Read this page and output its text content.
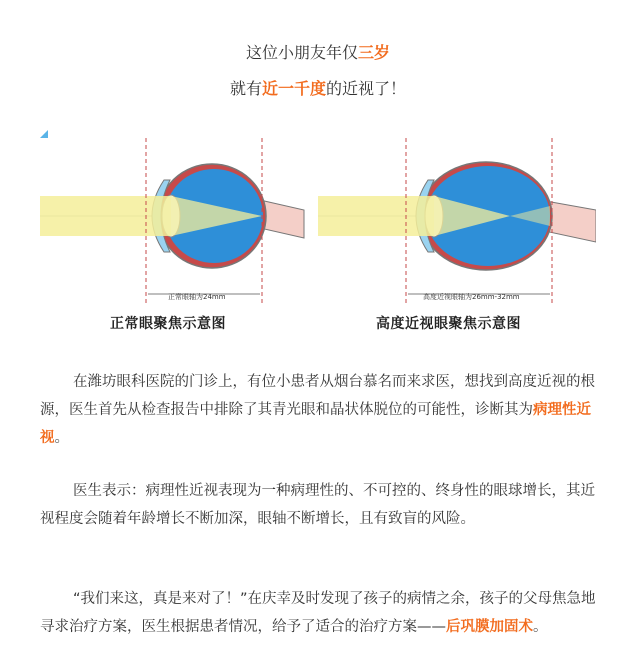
这位小朋友年仅三岁
就有近一千度的近视了！
正常眼轴为24mm	高度近视眼轴为26mm-32mm
正常眼聚焦示意图	高度近视眼聚焦示意图
在潍坊眼科医院的门诊上，有位小患者从烟台慕名而来求医，想找到高度近视的根源，医生首先从检查报告中排除了其青光眼和晶状体脱位的可能性，诊断其为病理性近视。
医生表示：病理性近视表现为一种病理性的、不可控的、终身性的眼球增长，其近视程度会随着年龄增长不断加深，眼轴不断增长，且有致盲的风险。
“我们来这，真是来对了！”在庆幸及时发现了孩子的病情之余，孩子的父母焦急地寻求治疗方案，医生根据患者情况，给予了适合的治疗方案——后巩膜加固术。
